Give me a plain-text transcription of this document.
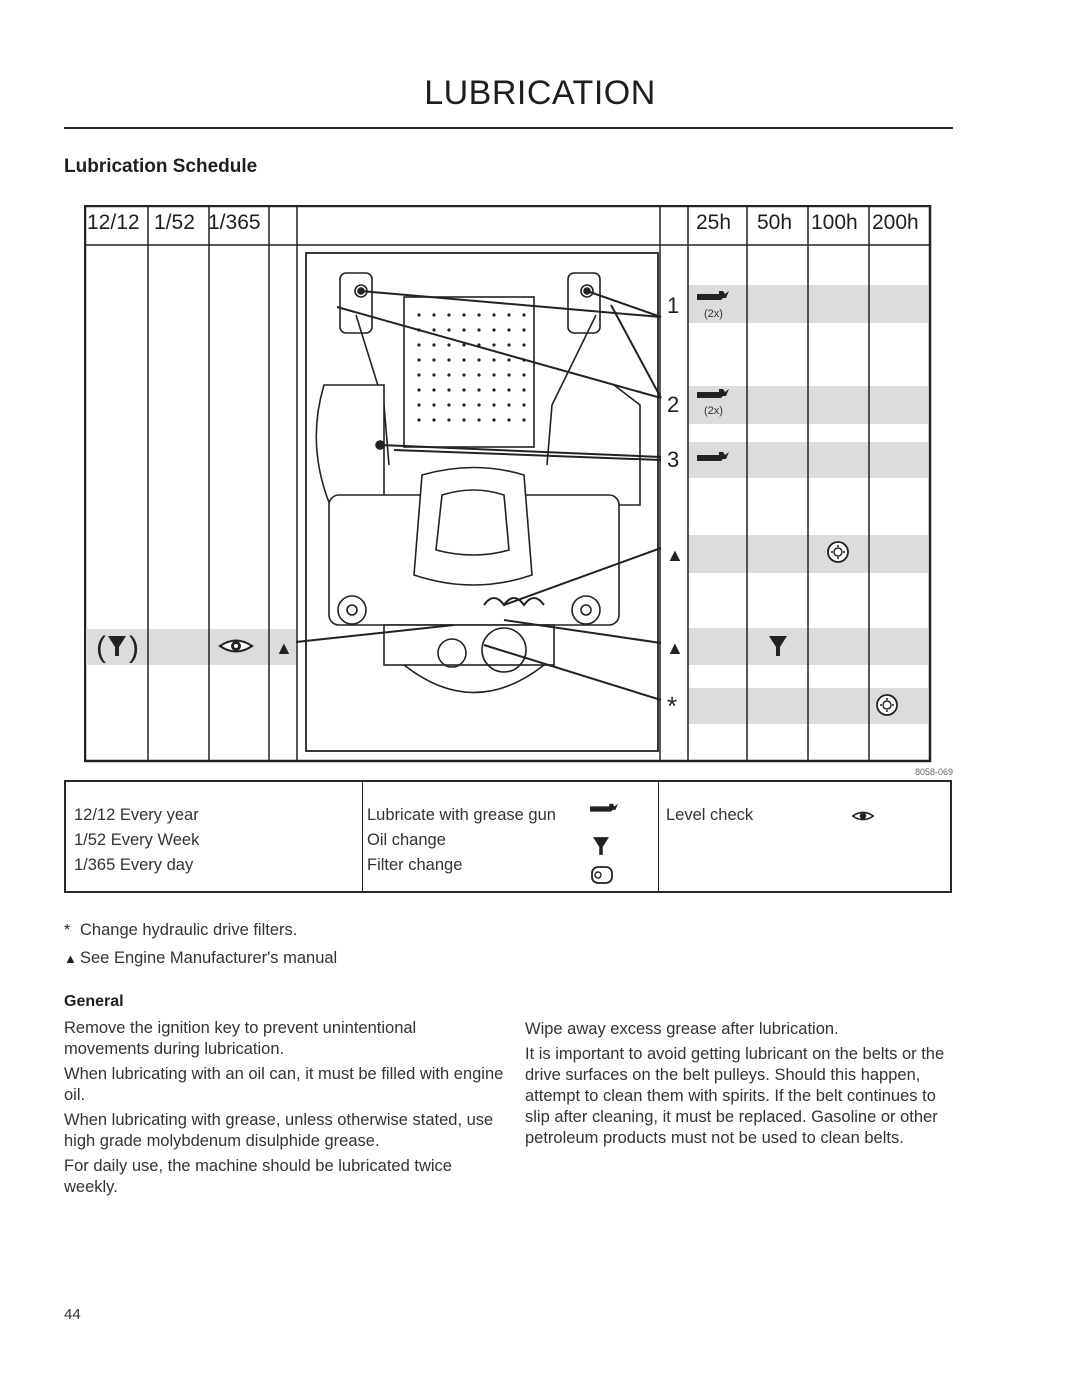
LUBRICATION
Lubrication Schedule
12/12 1/52 1/365	25h 50h 100h 200h
1
2
3
▲
▲
*
(2x)
(2x)
( )	▲
8058-069
12/12 Every year
1/52 Every Week
1/365 Every day
Lubricate with grease gun
Oil change
Filter change
Level check
* Change hydraulic drive filters.
▲ See Engine Manufacturer's manual
General

Remove the ignition key to prevent unintentional movements during lubrication.

When lubricating with an oil can, it must be filled with engine oil.

When lubricating with grease, unless otherwise stated, use high grade molybdenum disulphide grease.

For daily use, the machine should be lubricated twice weekly.

Wipe away excess grease after lubrication.

It is important to avoid getting lubricant on the belts or the drive surfaces on the belt pulleys. Should this happen, attempt to clean them with spirits. If the belt continues to slip after cleaning, it must be replaced. Gasoline or other petroleum products must not be used to clean belts.

44
